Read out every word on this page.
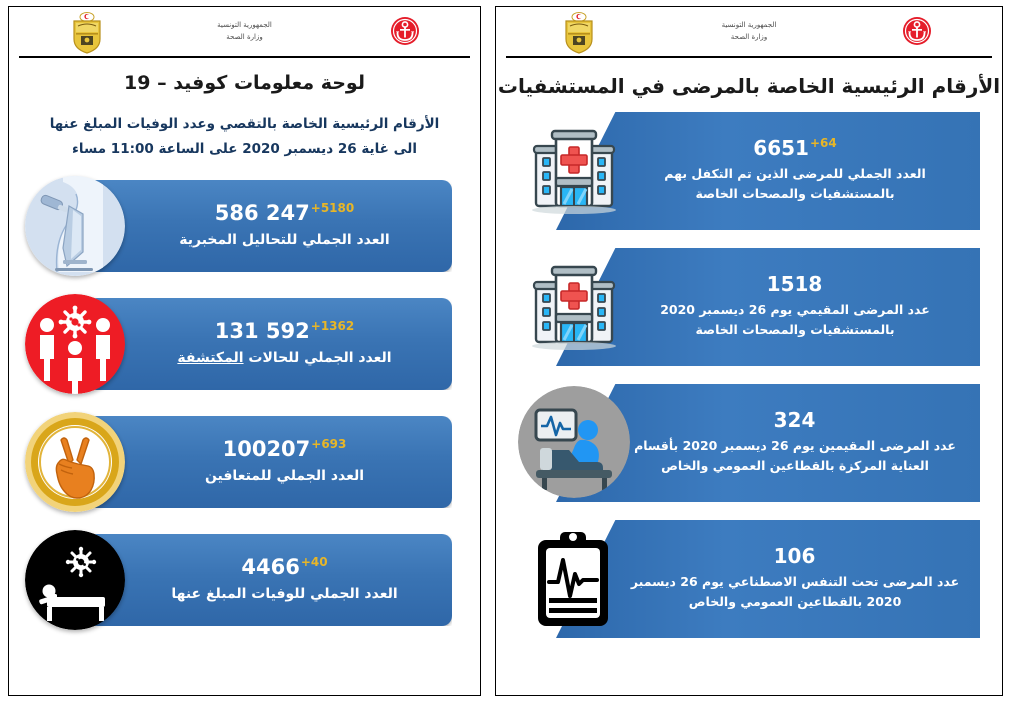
الجمهورية التونسية
وزارة الصحة
لوحة معلومات كوفيد – 19
الأرقام الرئيسية الخاصة بالتقصي وعدد الوفيات المبلغ عنها
الى غاية 26 ديسمبر 2020 على الساعة 11:00 مساء
586 $247^{+5180}$
العدد الجملي للتحاليل المخبرية
131 $592^{+1362}$
العدد الجملي للحالات المكتشفة
$100207^{+693}$
العدد الجملي للمتعافين
$4466^{+40}$
العدد الجملي للوفيات المبلغ عنها
الجمهورية التونسية
وزارة الصحة
الأرقام الرئيسية الخاصة بالمرضى في المستشفيات
$6651^{+64}$
العدد الجملي للمرضى الذين تم التكفل بهم بالمستشفيات والمصحات الخاصة
1518
عدد المرضى المقيمي يوم 26 ديسمبر 2020 بالمستشفيات والمصحات الخاصة
324
عدد المرضى المقيمين يوم 26 ديسمبر 2020 بأقسام العناية المركزة بالقطاعين العمومي والخاص
106
عدد المرضى تحت التنفس الاصطناعي يوم 26 ديسمبر 2020 بالقطاعين العمومي والخاص
